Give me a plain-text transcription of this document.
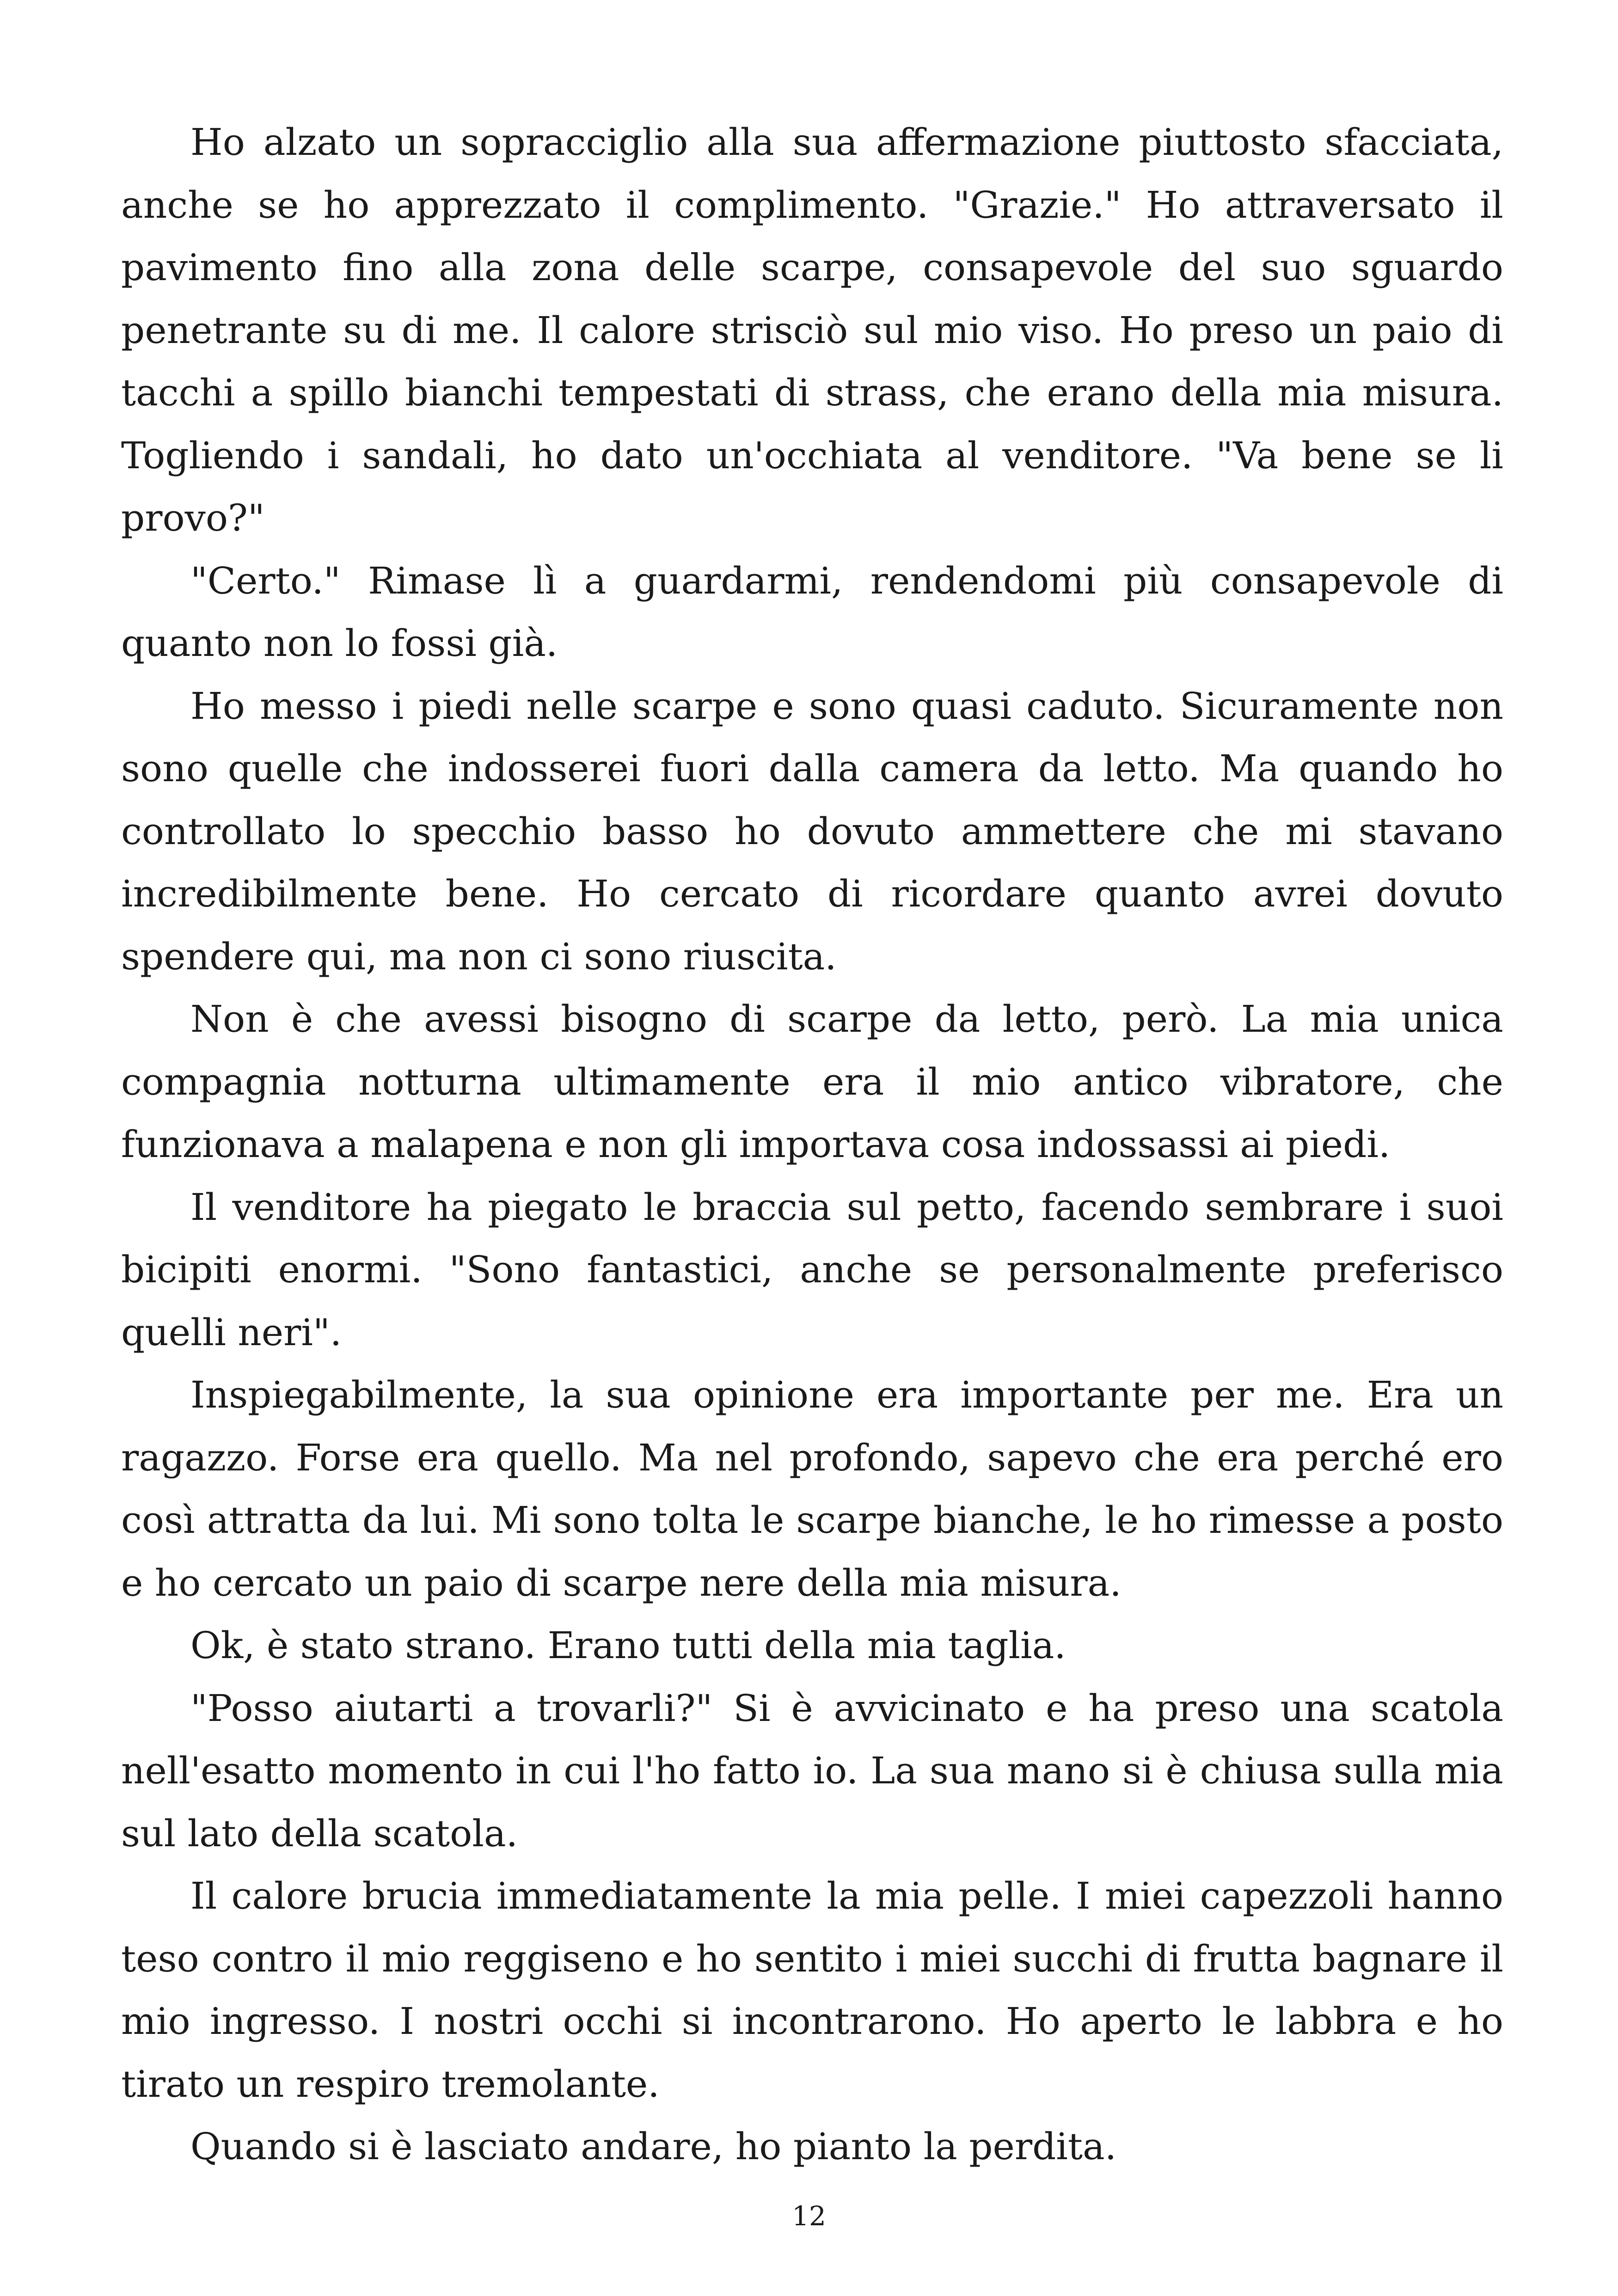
Ho alzato un sopracciglio alla sua affermazione piuttosto sfacciata, anche se ho apprezzato il complimento. "Grazie." Ho attraversato il pavimento fino alla zona delle scarpe, consapevole del suo sguardo penetrante su di me. Il calore strisciò sul mio viso. Ho preso un paio di tacchi a spillo bianchi tempestati di strass, che erano della mia misura. Togliendo i sandali, ho dato un'occhiata al venditore. "Va bene se li provo?"

"Certo." Rimase lì a guardarmi, rendendomi più consapevole di quanto non lo fossi già.

Ho messo i piedi nelle scarpe e sono quasi caduto. Sicuramente non sono quelle che indosserei fuori dalla camera da letto. Ma quando ho controllato lo specchio basso ho dovuto ammettere che mi stavano incredibilmente bene. Ho cercato di ricordare quanto avrei dovuto spendere qui, ma non ci sono riuscita.

Non è che avessi bisogno di scarpe da letto, però. La mia unica compagnia notturna ultimamente era il mio antico vibratore, che funzionava a malapena e non gli importava cosa indossassi ai piedi.

Il venditore ha piegato le braccia sul petto, facendo sembrare i suoi bicipiti enormi. "Sono fantastici, anche se personalmente preferisco quelli neri".

Inspiegabilmente, la sua opinione era importante per me. Era un ragazzo. Forse era quello. Ma nel profondo, sapevo che era perché ero così attratta da lui. Mi sono tolta le scarpe bianche, le ho rimesse a posto e ho cercato un paio di scarpe nere della mia misura.

Ok, è stato strano. Erano tutti della mia taglia.

"Posso aiutarti a trovarli?" Si è avvicinato e ha preso una scatola nell'esatto momento in cui l'ho fatto io. La sua mano si è chiusa sulla mia sul lato della scatola.

Il calore brucia immediatamente la mia pelle. I miei capezzoli hanno teso contro il mio reggiseno e ho sentito i miei succhi di frutta bagnare il mio ingresso. I nostri occhi si incontrarono. Ho aperto le labbra e ho tirato un respiro tremolante.

Quando si è lasciato andare, ho pianto la perdita.

12
